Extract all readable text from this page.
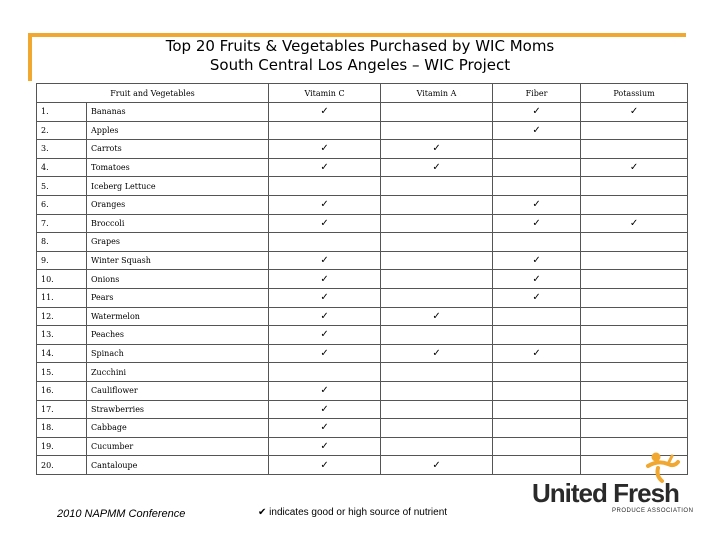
Top 20 Fruits & Vegetables Purchased by WIC Moms
South Central Los Angeles – WIC Project
Fruit and Vegetables		Vitamin C	Vitamin A	Fiber	Potassium
1.	Bananas	✓		✓	✓
2.	Apples			✓	
3.	Carrots	✓	✓		
4.	Tomatoes	✓	✓		✓
5.	Iceberg Lettuce				
6.	Oranges	✓		✓	
7.	Broccoli	✓		✓	✓
8.	Grapes				
9.	Winter Squash	✓		✓	
10.	Onions	✓		✓	
11.	Pears	✓		✓	
12.	Watermelon	✓	✓		
13.	Peaches	✓			
14.	Spinach	✓	✓	✓	
15.	Zucchini				
16.	Cauliflower	✓			
17.	Strawberries	✓			
18.	Cabbage	✓			
19.	Cucumber	✓			
20.	Cantaloupe	✓	✓		
2010 NAPMM Conference	✔ indicates good or high source of nutrient
United Fresh
PRODUCE ASSOCIATION
